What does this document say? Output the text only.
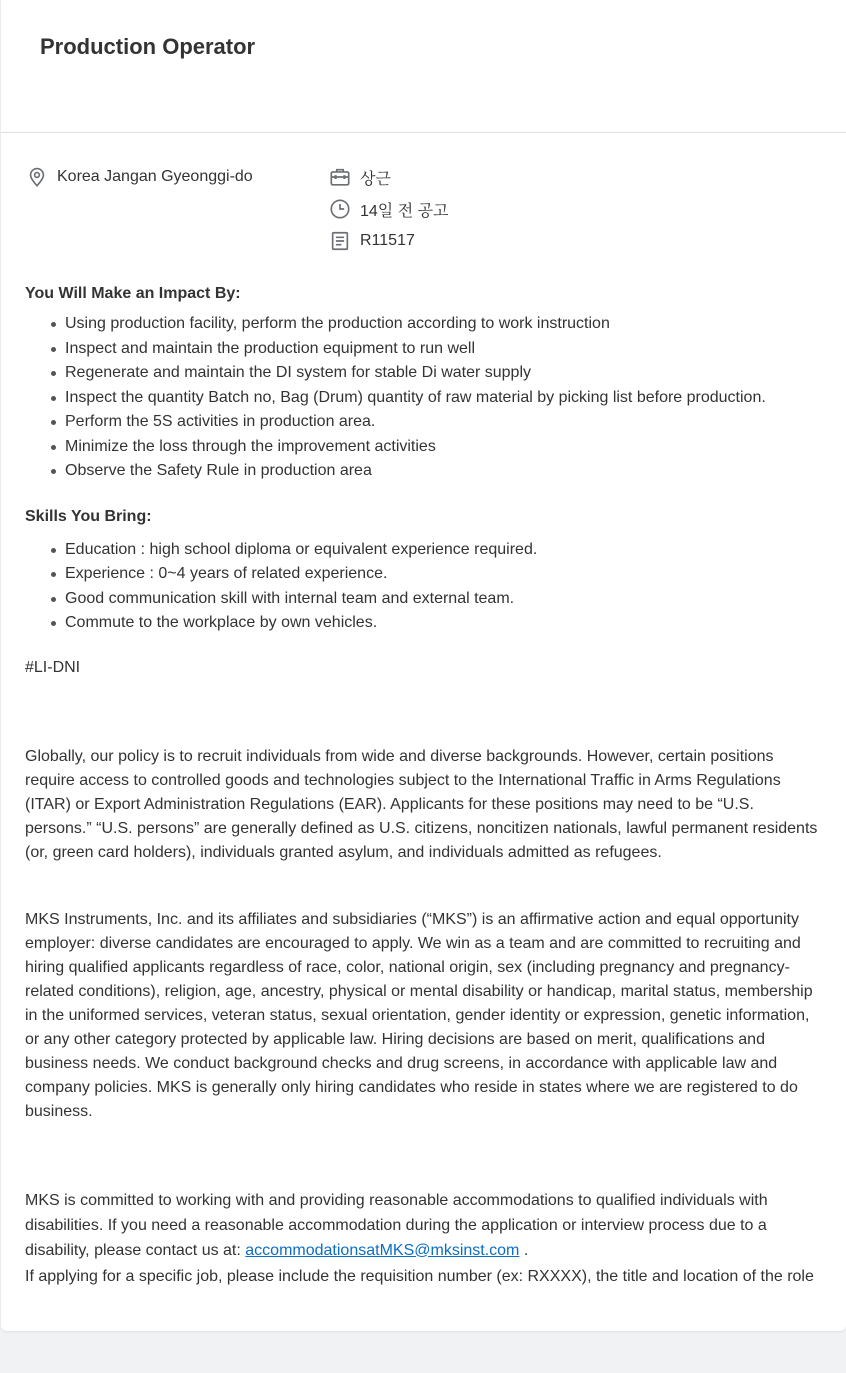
Production Operator
Korea Jangan Gyeonggi-do	상근
14일 전 공고
R11517

You Will Make an Impact By:

Using production facility, perform the production according to work instruction
Inspect and maintain the production equipment to run well
Regenerate and maintain the DI system for stable Di water supply
Inspect the quantity Batch no, Bag (Drum) quantity of raw material by picking list before production.
Perform the 5S activities in production area.
Minimize the loss through the improvement activities
Observe the Safety Rule in production area

Skills You Bring:

Education : high school diploma or equivalent experience required.
Experience : 0~4 years of related experience.
Good communication skill with internal team and external team.
Commute to the workplace by own vehicles.

#LI-DNI

Globally, our policy is to recruit individuals from wide and diverse backgrounds. However, certain positions require access to controlled goods and technologies subject to the International Traffic in Arms Regulations (ITAR) or Export Administration Regulations (EAR). Applicants for these positions may need to be “U.S. persons.” “U.S. persons” are generally defined as U.S. citizens, noncitizen nationals, lawful permanent residents (or, green card holders), individuals granted asylum, and individuals admitted as refugees.

MKS Instruments, Inc. and its affiliates and subsidiaries (“MKS”) is an affirmative action and equal opportunity employer: diverse candidates are encouraged to apply. We win as a team and are committed to recruiting and hiring qualified applicants regardless of race, color, national origin, sex (including pregnancy and pregnancy-related conditions), religion, age, ancestry, physical or mental disability or handicap, marital status, membership in the uniformed services, veteran status, sexual orientation, gender identity or expression, genetic information, or any other category protected by applicable law. Hiring decisions are based on merit, qualifications and business needs. We conduct background checks and drug screens, in accordance with applicable law and company policies. MKS is generally only hiring candidates who reside in states where we are registered to do business.

MKS is committed to working with and providing reasonable accommodations to qualified individuals with disabilities. If you need a reasonable accommodation during the application or interview process due to a disability, please contact us at: accommodationsatMKS@mksinst.com .

If applying for a specific job, please include the requisition number (ex: RXXXX), the title and location of the role
